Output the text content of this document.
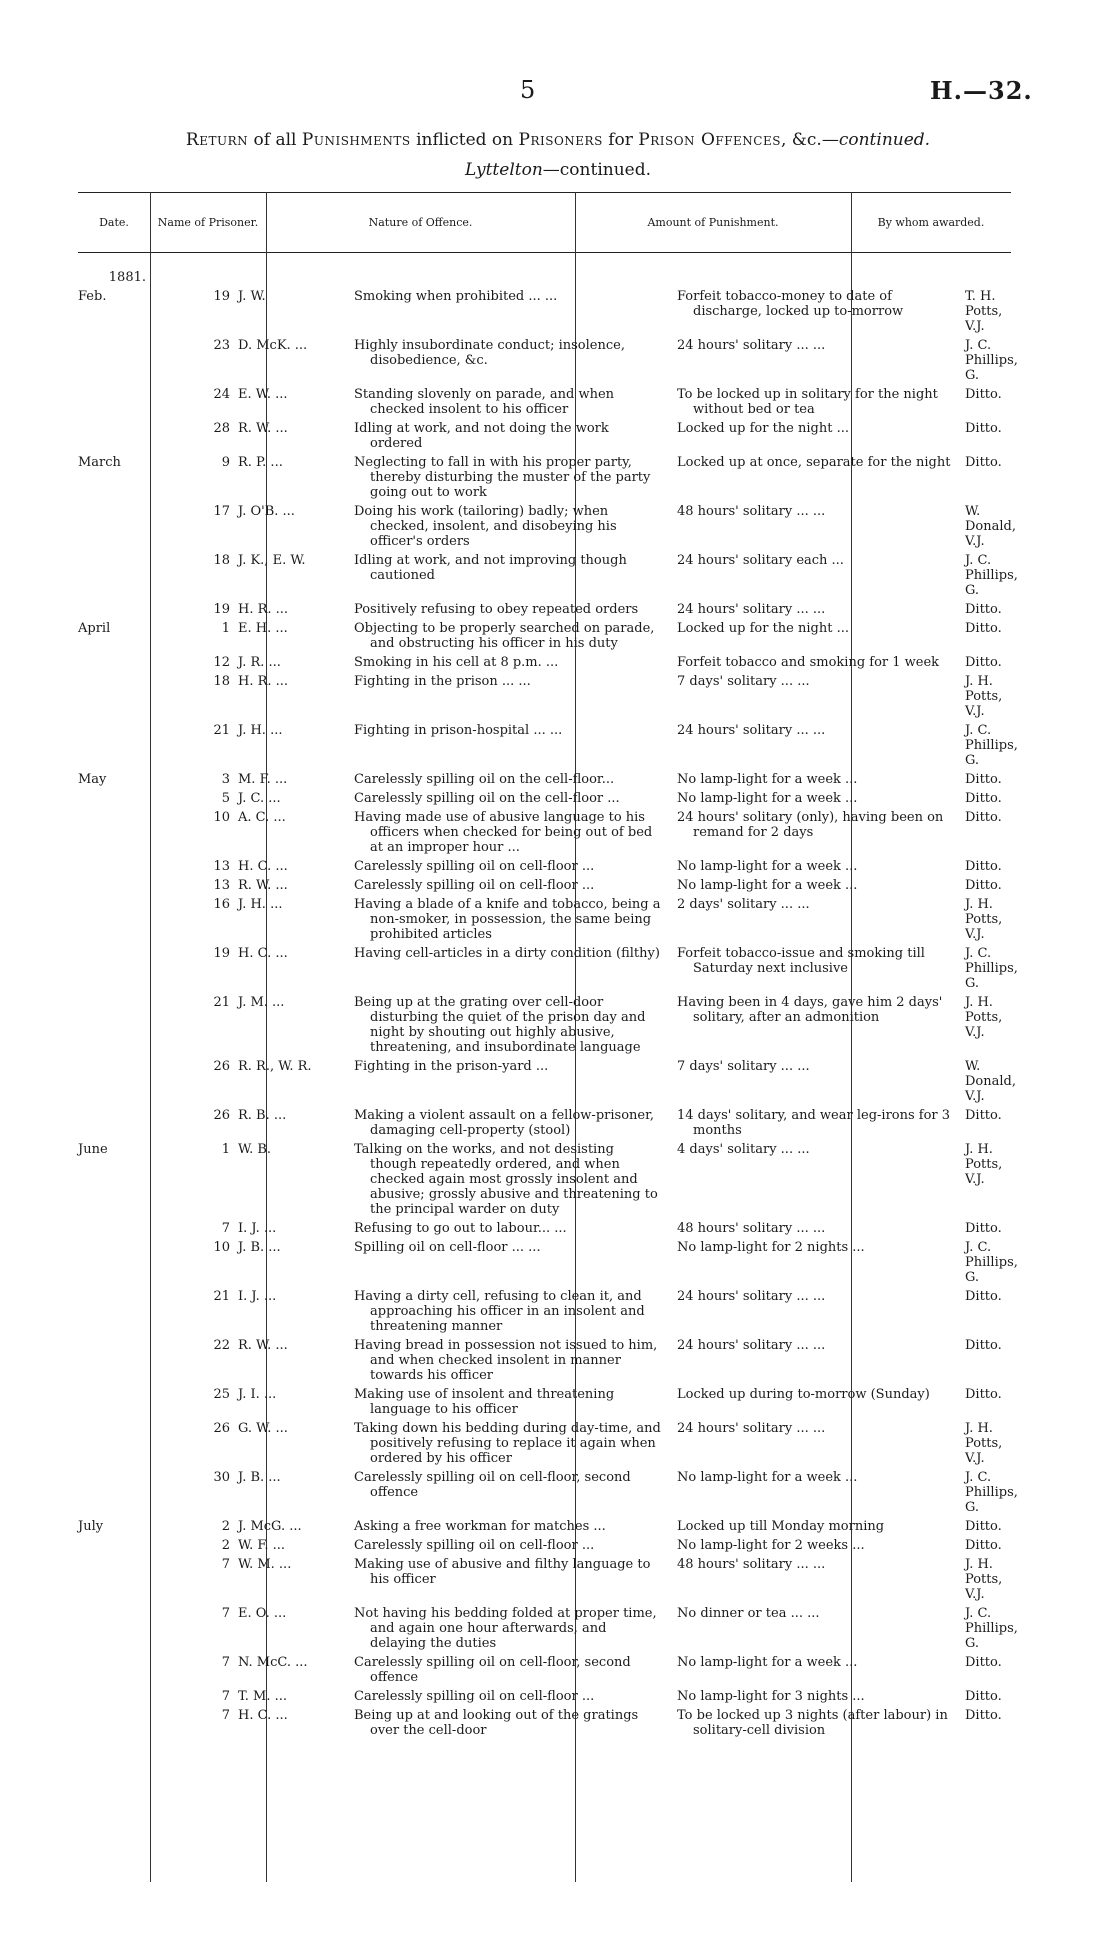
5	H.—32.
Return of all Punishments inflicted on Prisoners for Prison Offences, &c.—continued.
Lyttelton—continued.
Date.	Name of Prisoner.	Nature of Offence.	Amount of Punishment.	By whom awarded.
1881.					
Feb.	19	J. W.	Smoking when prohibited ... ...	Forfeit tobacco-money to date of discharge, locked up to-morrow	T. H. Potts, V.J.
	23	D. McK. ...	Highly insubordinate conduct; insolence, disobedience, &c.	24 hours' solitary ... ...	J. C. Phillips, G.
	24	E. W. ...	Standing slovenly on parade, and when checked insolent to his officer	To be locked up in solitary for the night without bed or tea	Ditto.
	28	R. W. ...	Idling at work, and not doing the work ordered	Locked up for the night ...	Ditto.
March	9	R. P. ...	Neglecting to fall in with his proper party, thereby disturbing the muster of the party going out to work	Locked up at once, separate for the night	Ditto.
	17	J. O'B. ...	Doing his work (tailoring) badly; when checked, insolent, and disobeying his officer's orders	48 hours' solitary ... ...	W. Donald, V.J.
	18	J. K., E. W.	Idling at work, and not improving though cautioned	24 hours' solitary each ...	J. C. Phillips, G.
	19	H. R. ...	Positively refusing to obey repeated orders	24 hours' solitary ... ...	Ditto.
April	1	E. H. ...	Objecting to be properly searched on parade, and obstructing his officer in his duty	Locked up for the night ...	Ditto.
	12	J. R. ...	Smoking in his cell at 8 p.m. ...	Forfeit tobacco and smoking for 1 week	Ditto.
	18	H. R. ...	Fighting in the prison ... ...	7 days' solitary ... ...	J. H. Potts, V.J.
	21	J. H. ...	Fighting in prison-hospital ... ...	24 hours' solitary ... ...	J. C. Phillips, G.
May	3	M. F. ...	Carelessly spilling oil on the cell-floor...	No lamp-light for a week ...	Ditto.
	5	J. C. ...	Carelessly spilling oil on the cell-floor ...	No lamp-light for a week ...	Ditto.
	10	A. C. ...	Having made use of abusive language to his officers when checked for being out of bed at an improper hour ...	24 hours' solitary (only), having been on remand for 2 days	Ditto.
	13	H. C. ...	Carelessly spilling oil on cell-floor ...	No lamp-light for a week ...	Ditto.
	13	R. W. ...	Carelessly spilling oil on cell-floor ...	No lamp-light for a week ...	Ditto.
	16	J. H. ...	Having a blade of a knife and tobacco, being a non-smoker, in possession, the same being prohibited articles	2 days' solitary ... ...	J. H. Potts, V.J.
	19	H. C. ...	Having cell-articles in a dirty condition (filthy)	Forfeit tobacco-issue and smoking till Saturday next inclusive	J. C. Phillips, G.
	21	J. M. ...	Being up at the grating over cell-door disturbing the quiet of the prison day and night by shouting out highly abusive, threatening, and insubordinate language	Having been in 4 days, gave him 2 days' solitary, after an admonition	J. H. Potts, V.J.
	26	R. R., W. R.	Fighting in the prison-yard ...	7 days' solitary ... ...	W. Donald, V.J.
	26	R. B. ...	Making a violent assault on a fellow-prisoner, damaging cell-property (stool)	14 days' solitary, and wear leg-irons for 3 months	Ditto.
June	1	W. B.	Talking on the works, and not desisting though repeatedly ordered, and when checked again most grossly insolent and abusive; grossly abusive and threatening to the principal warder on duty	4 days' solitary ... ...	J. H. Potts, V.J.
	7	I. J. ...	Refusing to go out to labour... ...	48 hours' solitary ... ...	Ditto.
	10	J. B. ...	Spilling oil on cell-floor ... ...	No lamp-light for 2 nights ...	J. C. Phillips, G.
	21	I. J. ...	Having a dirty cell, refusing to clean it, and approaching his officer in an insolent and threatening manner	24 hours' solitary ... ...	Ditto.
	22	R. W. ...	Having bread in possession not issued to him, and when checked insolent in manner towards his officer	24 hours' solitary ... ...	Ditto.
	25	J. I. ...	Making use of insolent and threatening language to his officer	Locked up during to-morrow (Sunday)	Ditto.
	26	G. W. ...	Taking down his bedding during day-time, and positively refusing to replace it again when ordered by his officer	24 hours' solitary ... ...	J. H. Potts, V.J.
	30	J. B. ...	Carelessly spilling oil on cell-floor, second offence	No lamp-light for a week ...	J. C. Phillips, G.
July	2	J. McG. ...	Asking a free workman for matches ...	Locked up till Monday morning	Ditto.
	2	W. F. ...	Carelessly spilling oil on cell-floor ...	No lamp-light for 2 weeks ...	Ditto.
	7	W. M. ...	Making use of abusive and filthy language to his officer	48 hours' solitary ... ...	J. H. Potts, V.J.
	7	E. O. ...	Not having his bedding folded at proper time, and again one hour afterwards, and delaying the duties	No dinner or tea ... ...	J. C. Phillips, G.
	7	N. McC. ...	Carelessly spilling oil on cell-floor, second offence	No lamp-light for a week ...	Ditto.
	7	T. M. ...	Carelessly spilling oil on cell-floor ...	No lamp-light for 3 nights ...	Ditto.
	7	H. C. ...	Being up at and looking out of the gratings over the cell-door	To be locked up 3 nights (after labour) in solitary-cell division	Ditto.
